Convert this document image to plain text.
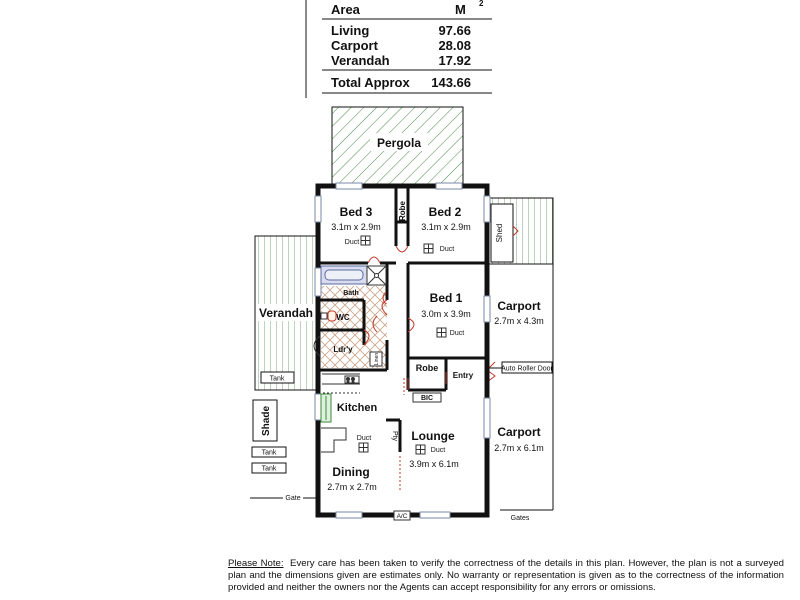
Area	M 2
Living	97.66
Carport	28.08
Verandah	17.92
Total Approx 143.66
Pergola
Verandah
Tank
Shed
Auto Roller Door
Carport
2.7m x 4.3m
Carport
2.7m x 6.1m
Gates
Shade
Tank
Tank
Gate
Bed 3
3.1m x 2.9m
Duct
Robe Bed 2
3.1m x 2.9m
Duct
Bath
WC
Ldr'y
Linen
Bed 1
3.0m x 3.9m
Duct
Robe
Entry
BIC
Kitchen
Pty
Duct
Dining
2.7m x 2.7m
Lounge
Duct
3.9m x 6.1m
A/C
Please Note: Every care has been taken to verify the correctness of the details in this plan. However, the plan is not a surveyed plan and the dimensions given are estimates only. No warranty or representation is given as to the correctness of the information provided and neither the owners nor the Agents can accept responsibility for any errors or omissions.
